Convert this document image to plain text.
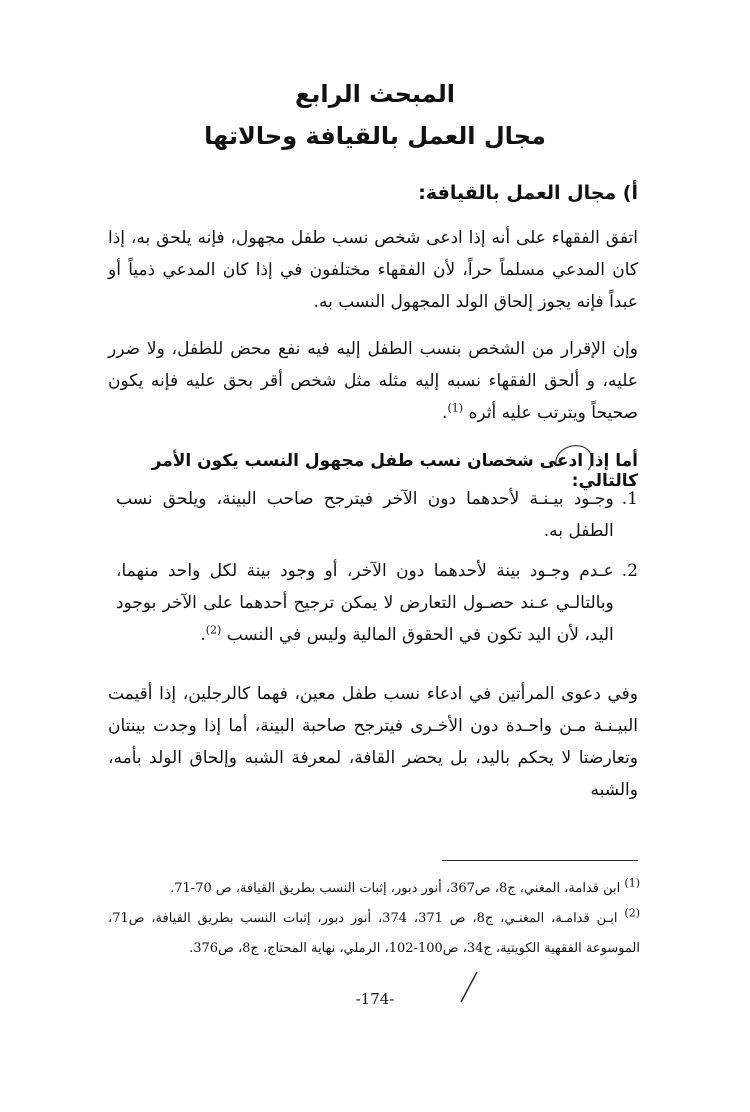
المبحث الرابع
مجال العمل بالقيافة وحالاتها
أ) مجال العمل بالقيافة:
اتفق الفقهاء على أنه إذا ادعى شخص نسب طفل مجهول، فإنه يلحق به، إذا كان المدعي مسلماً حراً، لأن الفقهاء مختلفون في إذا كان المدعي ذمياً أو عبداً فإنه يجوز إلحاق الولد المجهول النسب به.
وإن الإقرار من الشخص بنسب الطفل إليه فيه نفع محض للطفل، ولا ضرر عليه، و ألحق الفقهاء نسبه إليه مثله مثل شخص أقر بحق عليه فإنه يكون صحيحاً ويترتب عليه أثره $^{(1)}$.
أما إذا ادعى شخصان نسب طفل مجهول النسب يكون الأمر كالتالي:
1.
وجـود بيـنـة لأحدهما دون الآخر فيترجح صاحب البينة، ويلحق نسب الطفل به.
2.
عـدم وجـود بينة لأحدهما دون الآخر، أو وجود بينة لكل واحد منهما، وبالتالـي عـند حصـول التعارض لا يمكن ترجيح أحدهما على الآخر بوجود اليد، لأن اليد تكون في الحقوق المالية وليس في النسب $^{(2)}$.
وفي دعوى المرأتين في ادعاء نسب طفل معين، فهما كالرجلين، إذا أقيمت البيـنـة مـن واحـدة دون الأخـرى فيترجح صاحبة البينة، أما إذا وجدت بينتان وتعارضتا لا يحكم باليد، بل يحضر القافة، لمعرفة الشبه وإلحاق الولد بأمه، والشبه
$^{(1)}$ ابن قدامة، المغني، ج8، ص367، أنور دبور، إثبات النسب بطريق القيافة، ص 70-71.
$^{(2)}$ ابـن قدامـة، المغنـي، ج8، ص 371، 374، أنور دبور، إثبات النسب بطريق القيافة، ص71، الموسوعة الفقهية الكويتية، ج34، ص100-102، الرملي، نهاية المحتاج، ج8، ص376.
-174-
